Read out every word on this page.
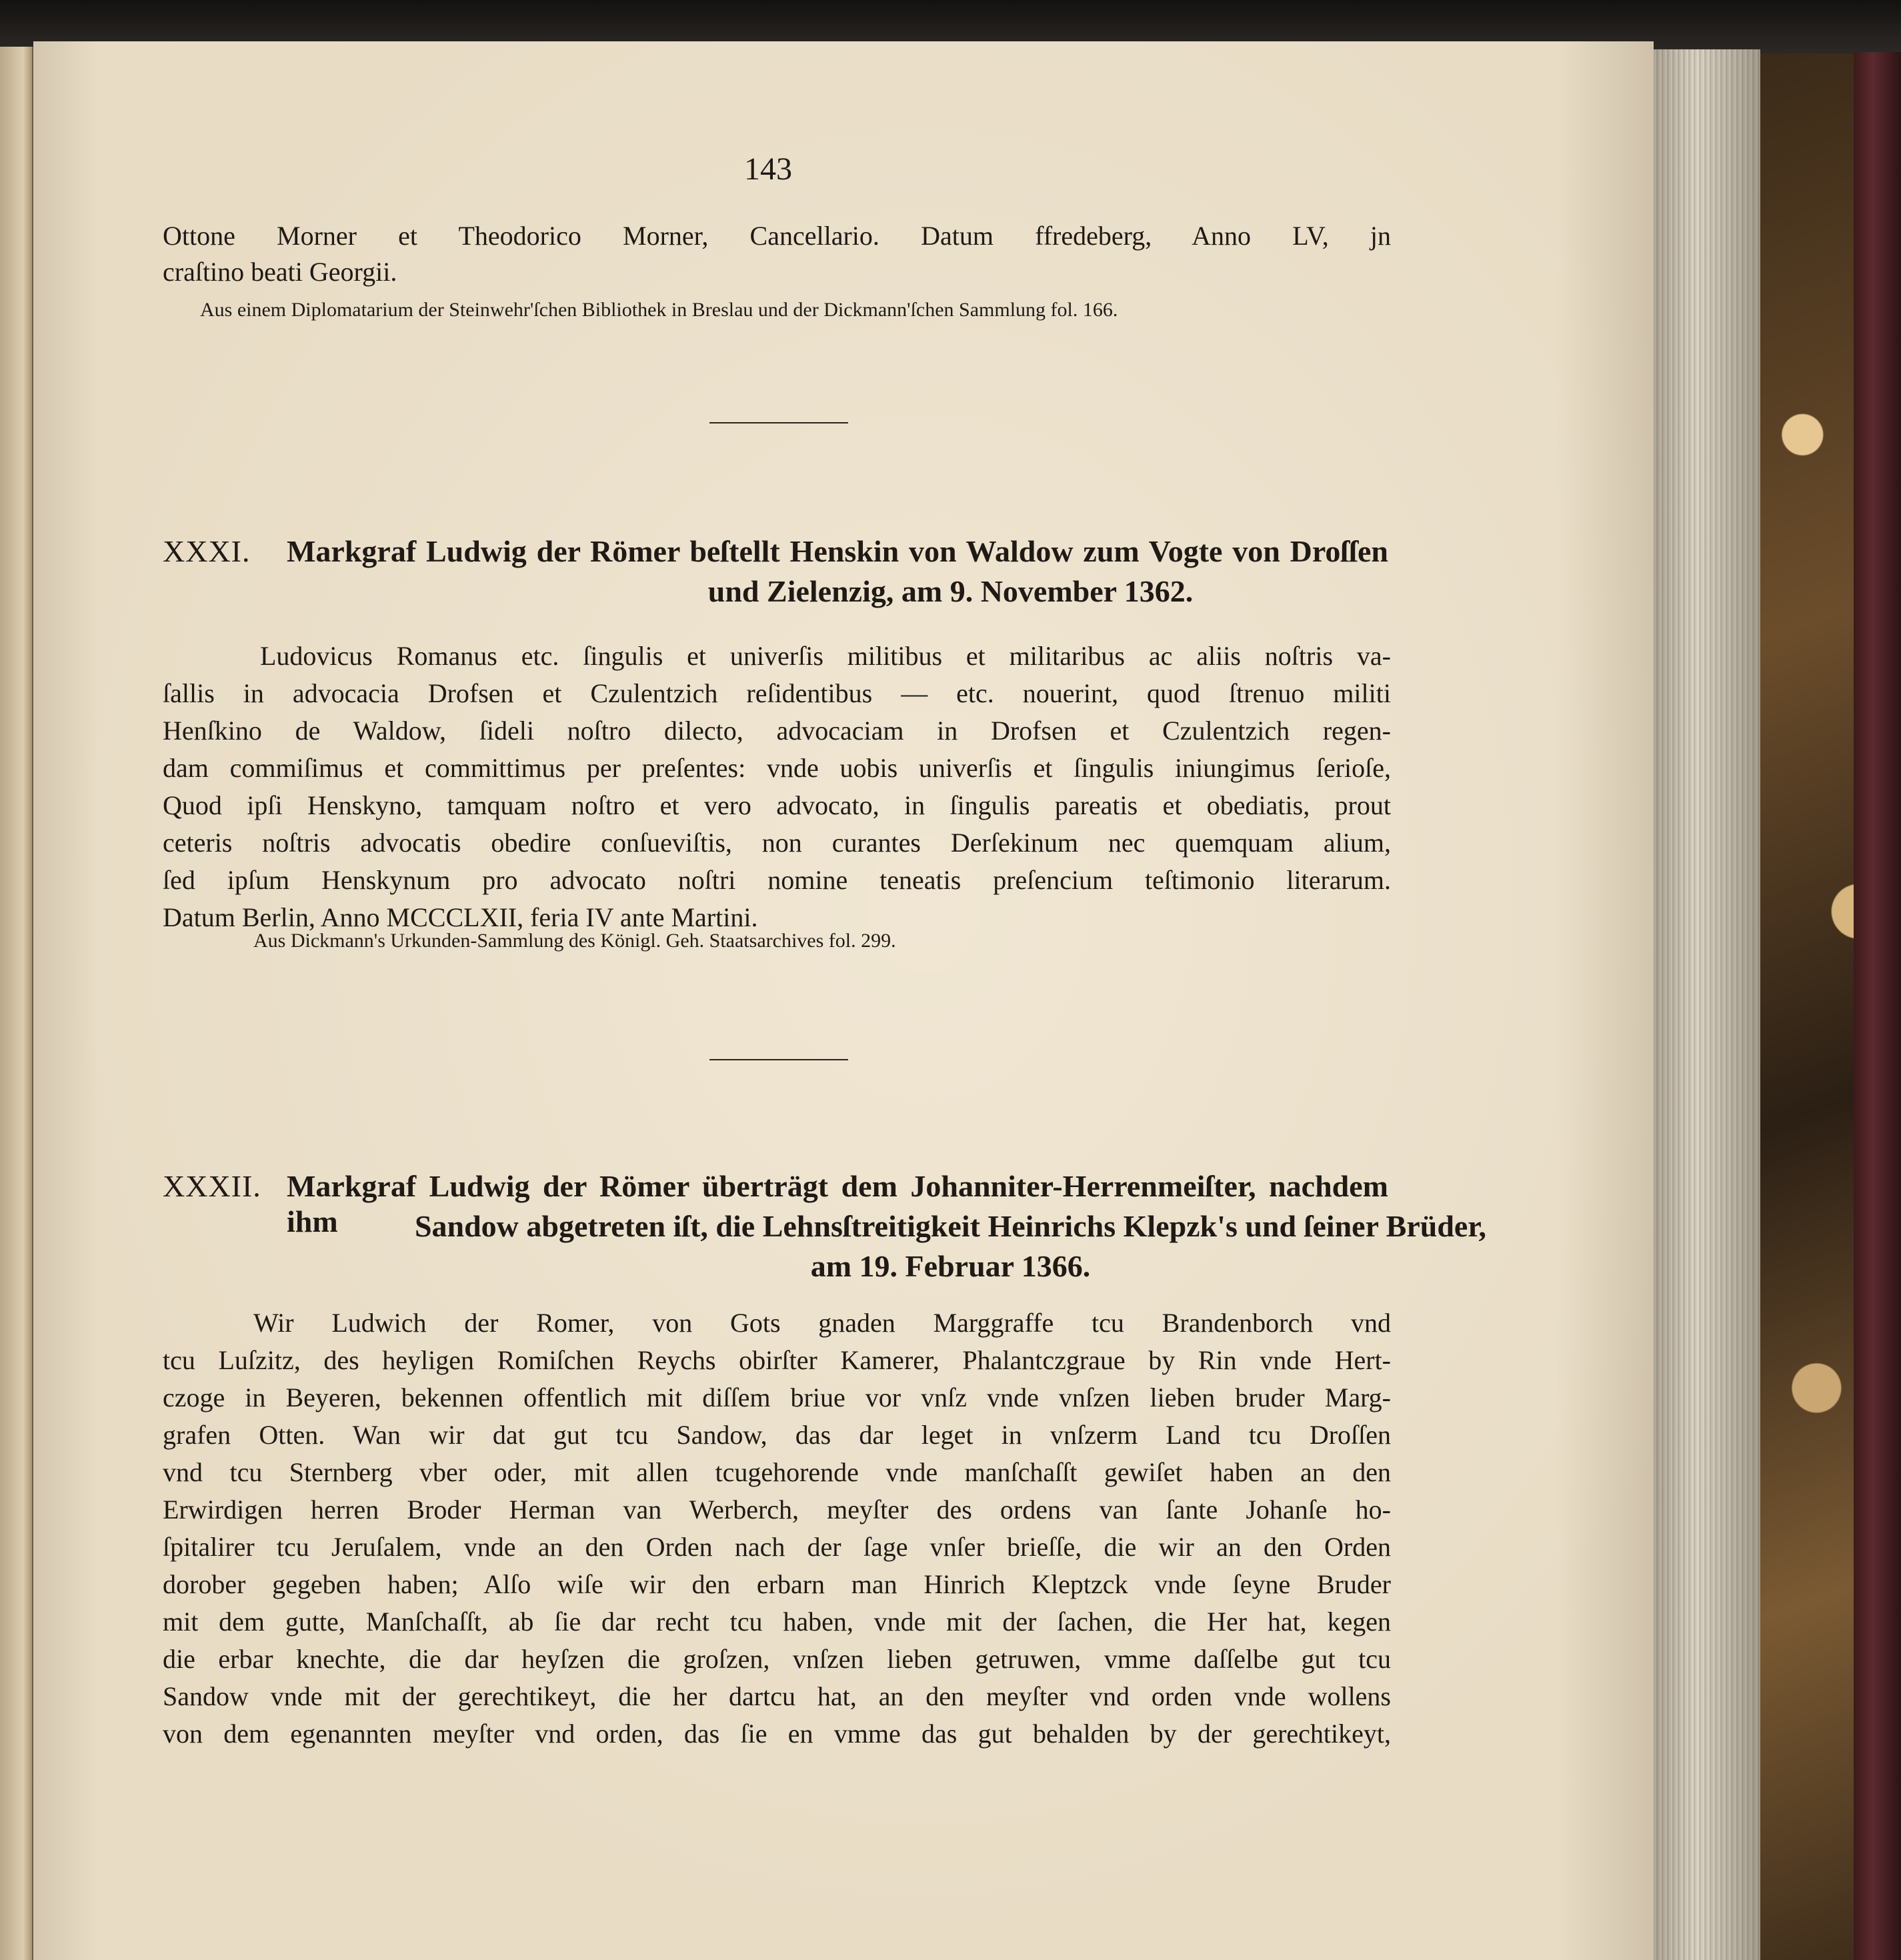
143
Ottone Morner et Theodorico Morner, Cancellario. Datum ffredeberg, Anno LV, jn
craſtino beati Georgii.
Aus einem Diplomatarium der Steinwehr'ſchen Bibliothek in Breslau und der Dickmann'ſchen Sammlung fol. 166.
XXXI. Markgraf Ludwig der Römer beſtellt Henskin von Waldow zum Vogte von Droſſen
und Zielenzig, am 9. November 1362.
Ludovicus Romanus etc. ſingulis et univerſis militibus et militaribus ac aliis noſtris va-
ſallis in advocacia Drofsen et Czulentzich reſidentibus — etc. nouerint, quod ſtrenuo militi
Henſkino de Waldow, ſideli noſtro dilecto, advocaciam in Drofsen et Czulentzich regen-
dam commiſimus et committimus per preſentes: vnde uobis univerſis et ſingulis iniungimus ſerioſe,
Quod ipſi Henskyno, tamquam noſtro et vero advocato, in ſingulis pareatis et obediatis, prout
ceteris noſtris advocatis obedire conſueviſtis, non curantes Derſekinum nec quemquam alium,
ſed ipſum Henskynum pro advocato noſtri nomine teneatis preſencium teſtimonio literarum.
Datum Berlin, Anno MCCCLXII, feria IV ante Martini.
Aus Dickmann's Urkunden-Sammlung des Königl. Geh. Staatsarchives fol. 299.
XXXII. Markgraf Ludwig der Römer überträgt dem Johanniter-Herrenmeiſter, nachdem ihm	Sandow abgetreten iſt, die Lehnsſtreitigkeit Heinrichs Klepzk's und ſeiner Brüder,
am 19. Februar 1366.
Wir Ludwich der Romer, von Gots gnaden Marggraffe tcu Brandenborch vnd
tcu Luſzitz, des heyligen Romiſchen Reychs obirſter Kamerer, Phalantczgraue by Rin vnde Hert-
czoge in Beyeren, bekennen offentlich mit diſſem briue vor vnſz vnde vnſzen lieben bruder Marg-
grafen Otten. Wan wir dat gut tcu Sandow, das dar leget in vnſzerm Land tcu Droſſen
vnd tcu Sternberg vber oder, mit allen tcugehorende vnde manſchaſſt gewiſet haben an den
Erwirdigen herren Broder Herman van Werberch, meyſter des ordens van ſante Johanſe ho-
ſpitalirer tcu Jeruſalem, vnde an den Orden nach der ſage vnſer brieſſe, die wir an den Orden
dorober gegeben haben; Alſo wiſe wir den erbarn man Hinrich Kleptzck vnde ſeyne Bruder
mit dem gutte, Manſchaſſt, ab ſie dar recht tcu haben, vnde mit der ſachen, die Her hat, kegen
die erbar knechte, die dar heyſzen die groſzen, vnſzen lieben getruwen, vmme daſſelbe gut tcu
Sandow vnde mit der gerechtikeyt, die her dartcu hat, an den meyſter vnd orden vnde wollens
von dem egenannten meyſter vnd orden, das ſie en vmme das gut behalden by der gerechtikeyt,
